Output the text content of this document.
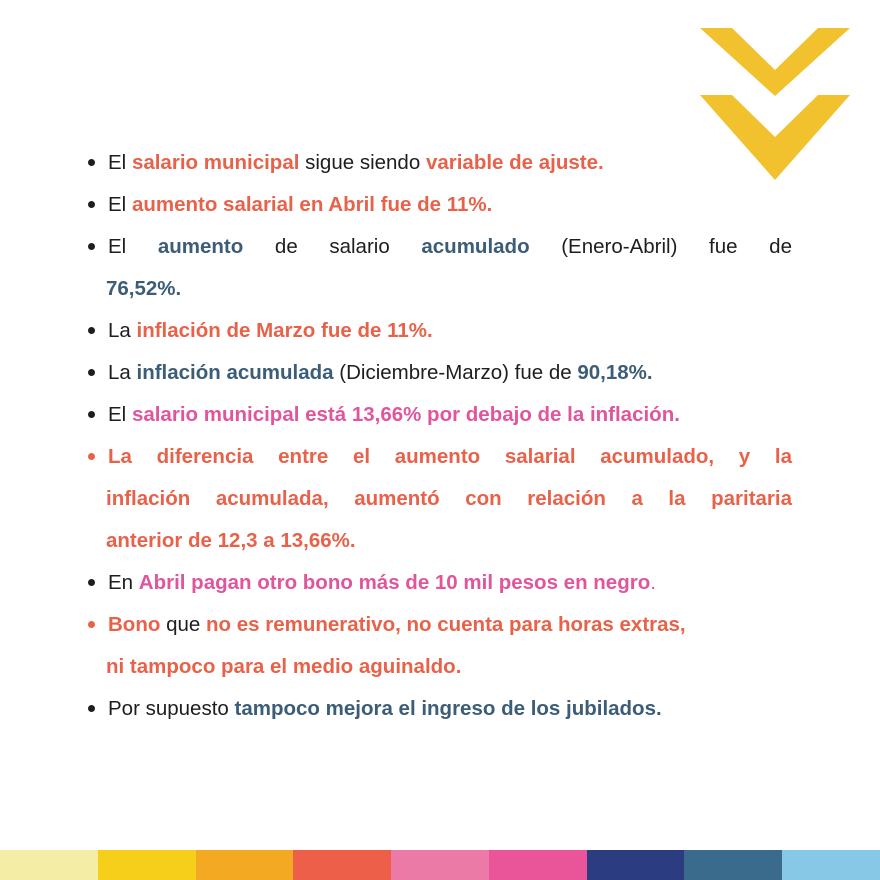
El salario municipal sigue siendo variable de ajuste.
El aumento salarial en Abril fue de 11%.
El aumento de salario acumulado (Enero-Abril) fue de
76,52%.
La inflación de Marzo fue de 11%.
La inflación acumulada (Diciembre-Marzo) fue de 90,18%.
El salario municipal está 13,66% por debajo de la inflación.
La diferencia entre el aumento salarial acumulado, y la
inflación acumulada, aumentó con relación a la paritaria
anterior de 12,3 a 13,66%.
En Abril pagan otro bono más de 10 mil pesos en negro.
Bono que no es remunerativo, no cuenta para horas extras,
ni tampoco para el medio aguinaldo.
Por supuesto tampoco mejora el ingreso de los jubilados.
